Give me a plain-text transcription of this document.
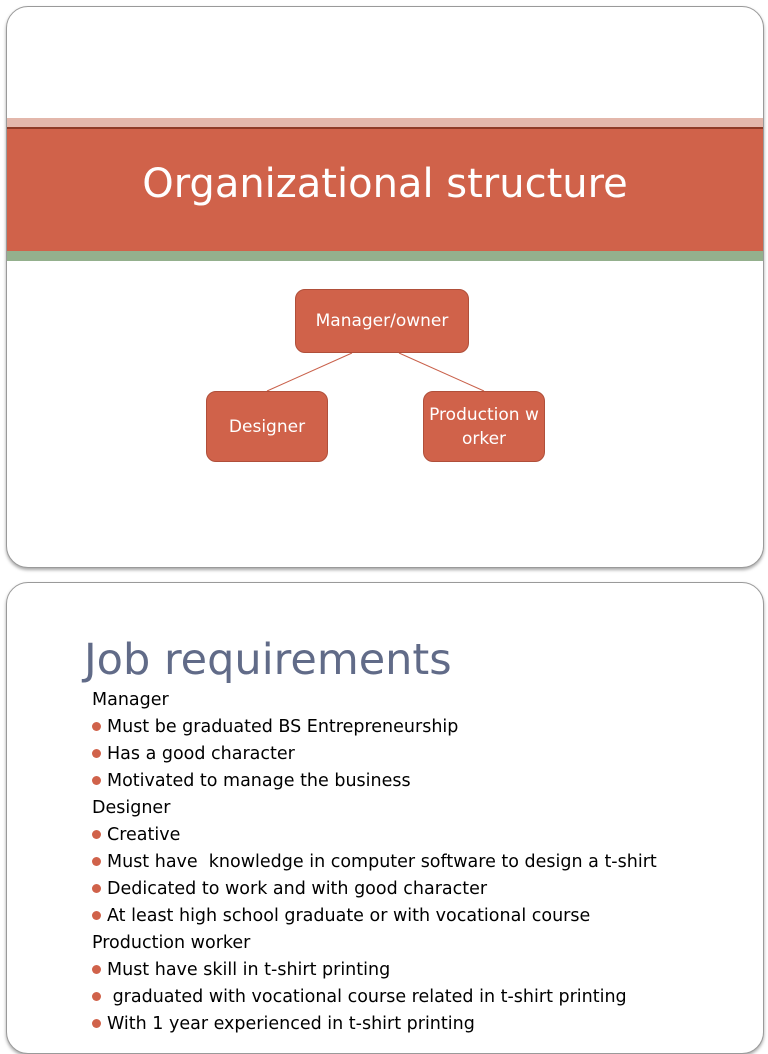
Organizational structure
Manager/owner
Designer
Production worker
Job requirements
Manager
Must be graduated BS Entrepreneurship
Has a good character
Motivated to manage the business
Designer
Creative
Must have  knowledge in computer software to design a t-shirt
Dedicated to work and with good character
At least high school graduate or with vocational course
Production worker
Must have skill in t-shirt printing
graduated with vocational course related in t-shirt printing
With 1 year experienced in t-shirt printing
